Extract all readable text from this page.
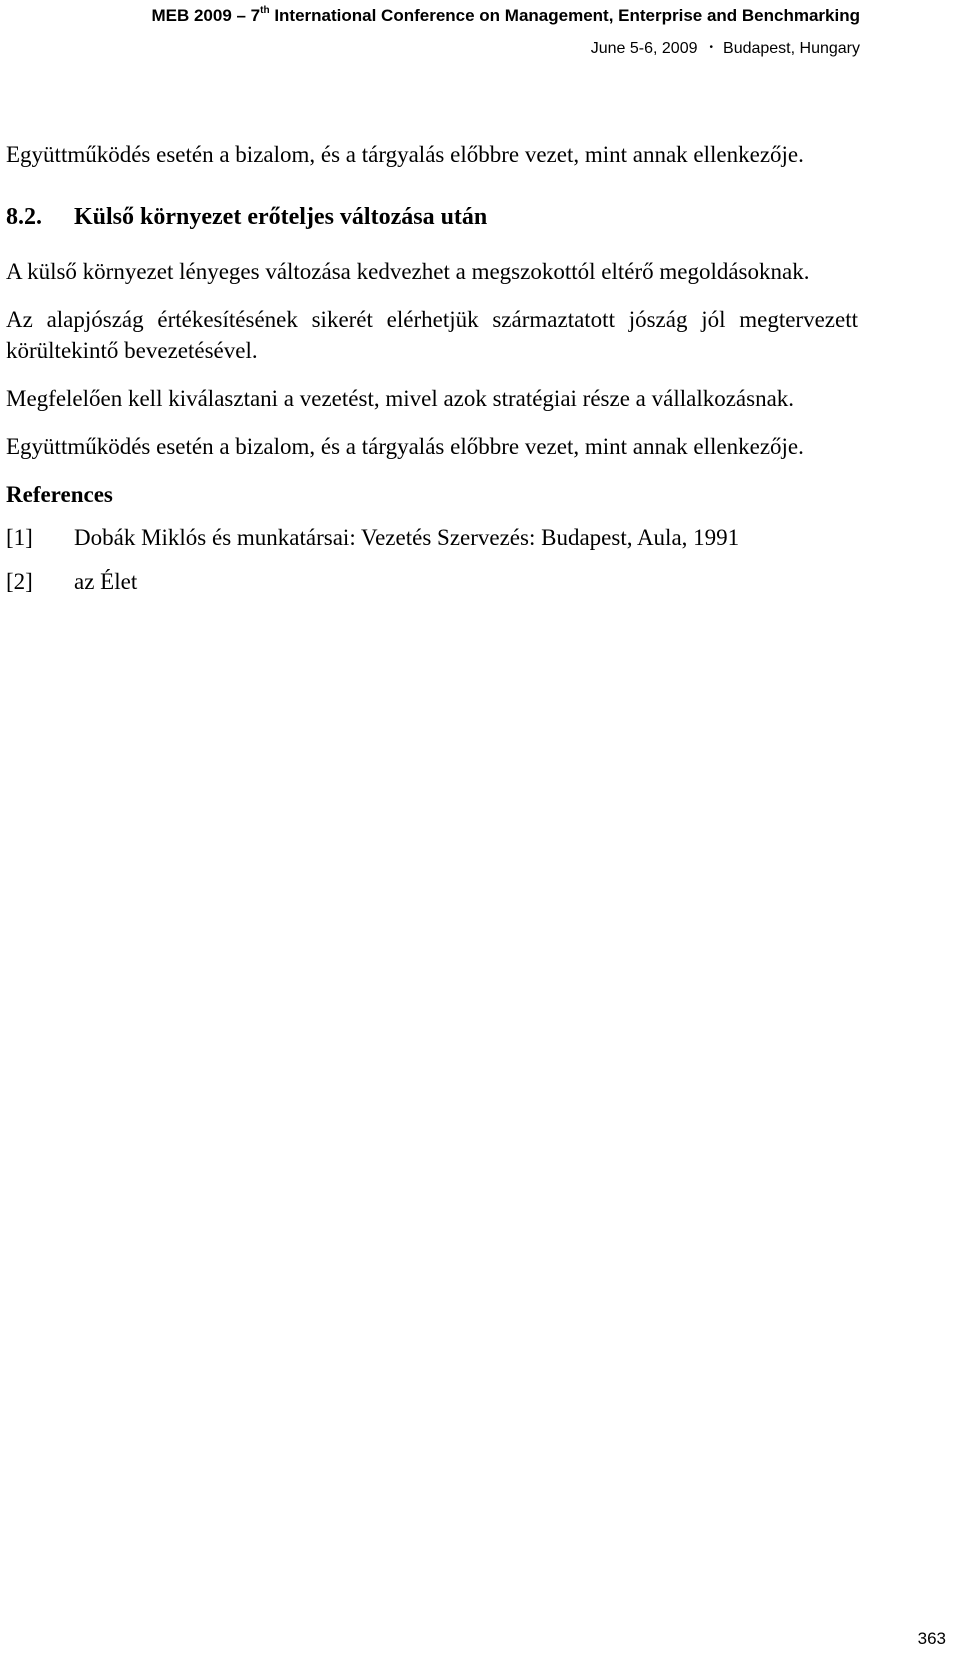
MEB 2009 – 7th International Conference on Management, Enterprise and Benchmarking
June 5-6, 2009 • Budapest, Hungary

Együttműködés esetén a bizalom, és a tárgyalás előbbre vezet, mint annak ellenkezője.

8.2. Külső környezet erőteljes változása után

A külső környezet lényeges változása kedvezhet a megszokottól eltérő megoldásoknak.

Az alapjószág értékesítésének sikerét elérhetjük származtatott jószág jól megtervezett körültekintő bevezetésével.

Megfelelően kell kiválasztani a vezetést, mivel azok stratégiai része a vállalkozásnak.

Együttműködés esetén a bizalom, és a tárgyalás előbbre vezet, mint annak ellenkezője.

References
[1]	Dobák Miklós és munkatársai: Vezetés Szervezés: Budapest, Aula, 1991
[2]	az Élet
363
